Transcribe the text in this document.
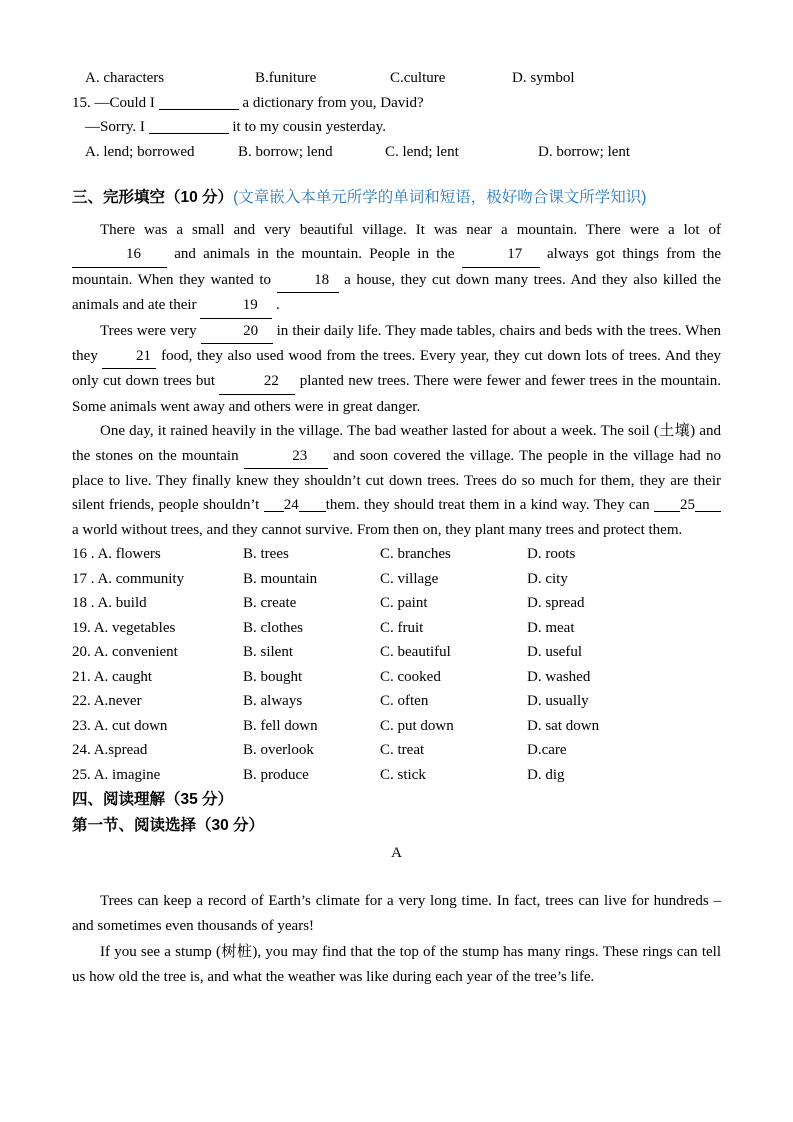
A. characters	B.funiture	C.culture	D. symbol

15. —Could I	a dictionary from you, David?

—Sorry. I	it to my cousin yesterday.

A. lend; borrowed	B. borrow; lend	C. lend; lent	D. borrow; lent
三、完形填空（10 分）(文章嵌入本单元所学的单词和短语，极好吻合课文所学知识)

There was a small and very beautiful village. It was near a mountain. There were a lot of 16 and animals in the mountain. People in the	17 always got things from the mountain. When they wanted to	18 a house, they cut down many trees. And they also killed the animals and ate their	19 .

Trees were very	20 in their daily life. They made tables, chairs and beds with the trees. When they 21 food, they also used wood from the trees. Every year, they cut down lots of trees. And they only cut down trees but	22 planted new trees. There were fewer and fewer trees in the mountain. Some animals went away and others were in great danger.

One day, it rained heavily in the village. The bad weather lasted for about a week. The soil (土壤) and the stones on the mountain	23 and soon covered the village. The people in the village had no place to live. They finally knew they shouldn’t cut down trees. Trees do so much for them, they are their silent friends, people shouldn’t 24 them. they should treat them in a kind way. They can 25 a world without trees, and they cannot survive. From then on, they plant many trees and protect them.

16 . A. flowers	B. trees	C. branches	D. roots
17 . A. community	B. mountain	C. village	D. city
18 . A. build	B. create	C. paint	D. spread
19. A. vegetables	B. clothes	C. fruit	D. meat
20. A. convenient	B. silent	C. beautiful	D. useful
21. A. caught	B. bought	C. cooked	D. washed
22. A.never	B. always	C. often	D. usually
23. A. cut down	B. fell down	C. put down	D. sat down
24. A.spread	B. overlook	C. treat	D.care
25. A. imagine	B. produce	C. stick	D. dig
四、阅读理解（35 分）
第一节、阅读选择（30 分）

A

Trees can keep a record of Earth’s climate for a very long time. In fact, trees can live for hundreds – and sometimes even thousands of years!

If you see a stump (树桩), you may find that the top of the stump has many rings. These rings can tell us how old the tree is, and what the weather was like during each year of the tree’s life.
